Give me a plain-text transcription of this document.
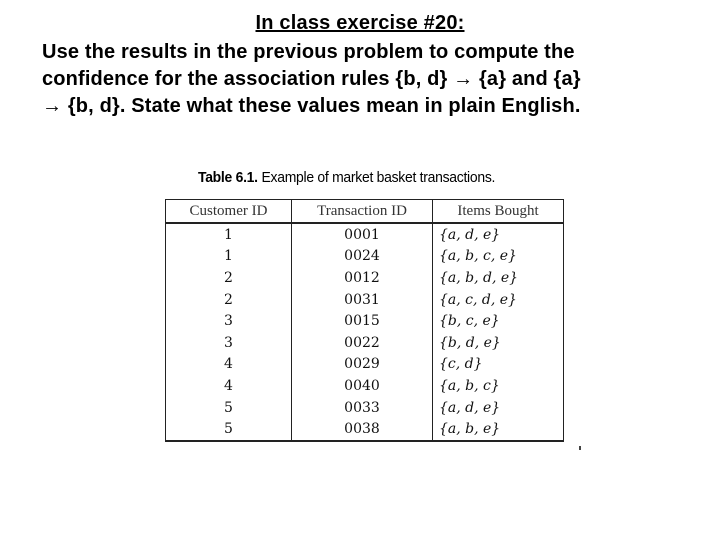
In class exercise #20:

Use the results in the previous problem to compute the
confidence for the association rules {b, d} → {a} and {a}
→ {b, d}. State what these values mean in plain English.

Table 6.1. Example of market basket transactions.
Customer ID	Transaction ID	Items Bought
1	0001	{a, d, e}
1	0024	{a, b, c, e}
2	0012	{a, b, d, e}
2	0031	{a, c, d, e}
3	0015	{b, c, e}
3	0022	{b, d, e}
4	0029	{c, d}
4	0040	{a, b, c}
5	0033	{a, d, e}
5	0038	{a, b, e}
